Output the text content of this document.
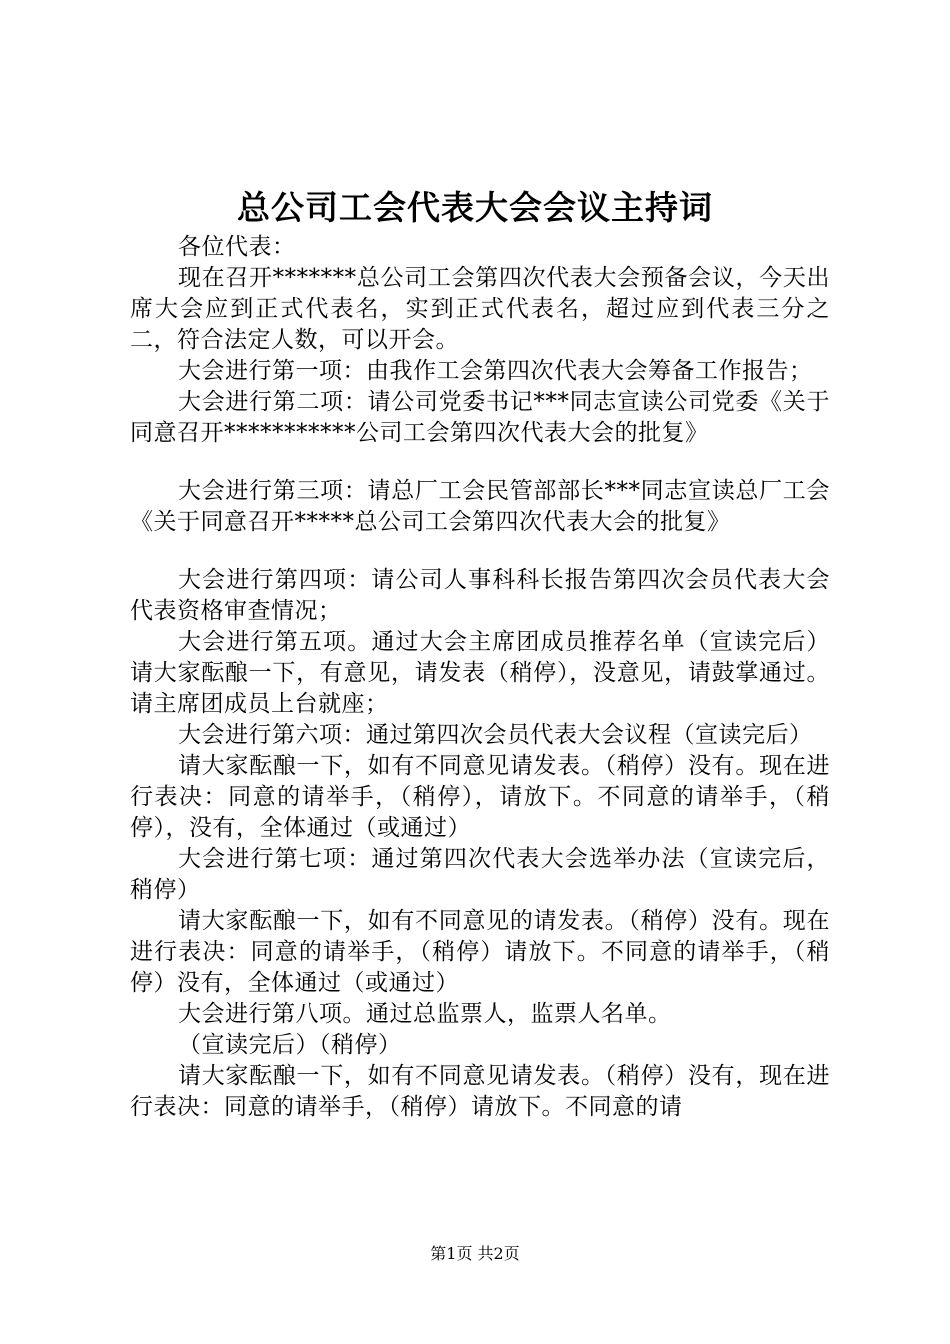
总公司工会代表大会会议主持词

各位代表：

现在召开*******总公司工会第四次代表大会预备会议，今天出席大会应到正式代表名，实到正式代表名，超过应到代表三分之二，符合法定人数，可以开会。

大会进行第一项：由我作工会第四次代表大会筹备工作报告；

大会进行第二项：请公司党委书记***同志宣读公司党委《关于同意召开***********公司工会第四次代表大会的批复》

大会进行第三项：请总厂工会民管部部长***同志宣读总厂工会《关于同意召开*****总公司工会第四次代表大会的批复》

大会进行第四项：请公司人事科科长报告第四次会员代表大会代表资格审查情况；

大会进行第五项。通过大会主席团成员推荐名单（宣读完后）请大家酝酿一下，有意见，请发表（稍停），没意见，请鼓掌通过。请主席团成员上台就座；

大会进行第六项：通过第四次会员代表大会议程（宣读完后）

请大家酝酿一下，如有不同意见请发表。（稍停）没有。现在进行表决：同意的请举手，（稍停），请放下。不同意的请举手，（稍停），没有，全体通过（或通过）

大会进行第七项：通过第四次代表大会选举办法（宣读完后，稍停）

请大家酝酿一下，如有不同意见的请发表。（稍停）没有。现在进行表决：同意的请举手，（稍停）请放下。不同意的请举手，（稍停）没有，全体通过（或通过）

大会进行第八项。通过总监票人，监票人名单。

（宣读完后）（稍停）

请大家酝酿一下，如有不同意见请发表。（稍停）没有，现在进行表决：同意的请举手，（稍停）请放下。不同意的请

第1页 共2页
